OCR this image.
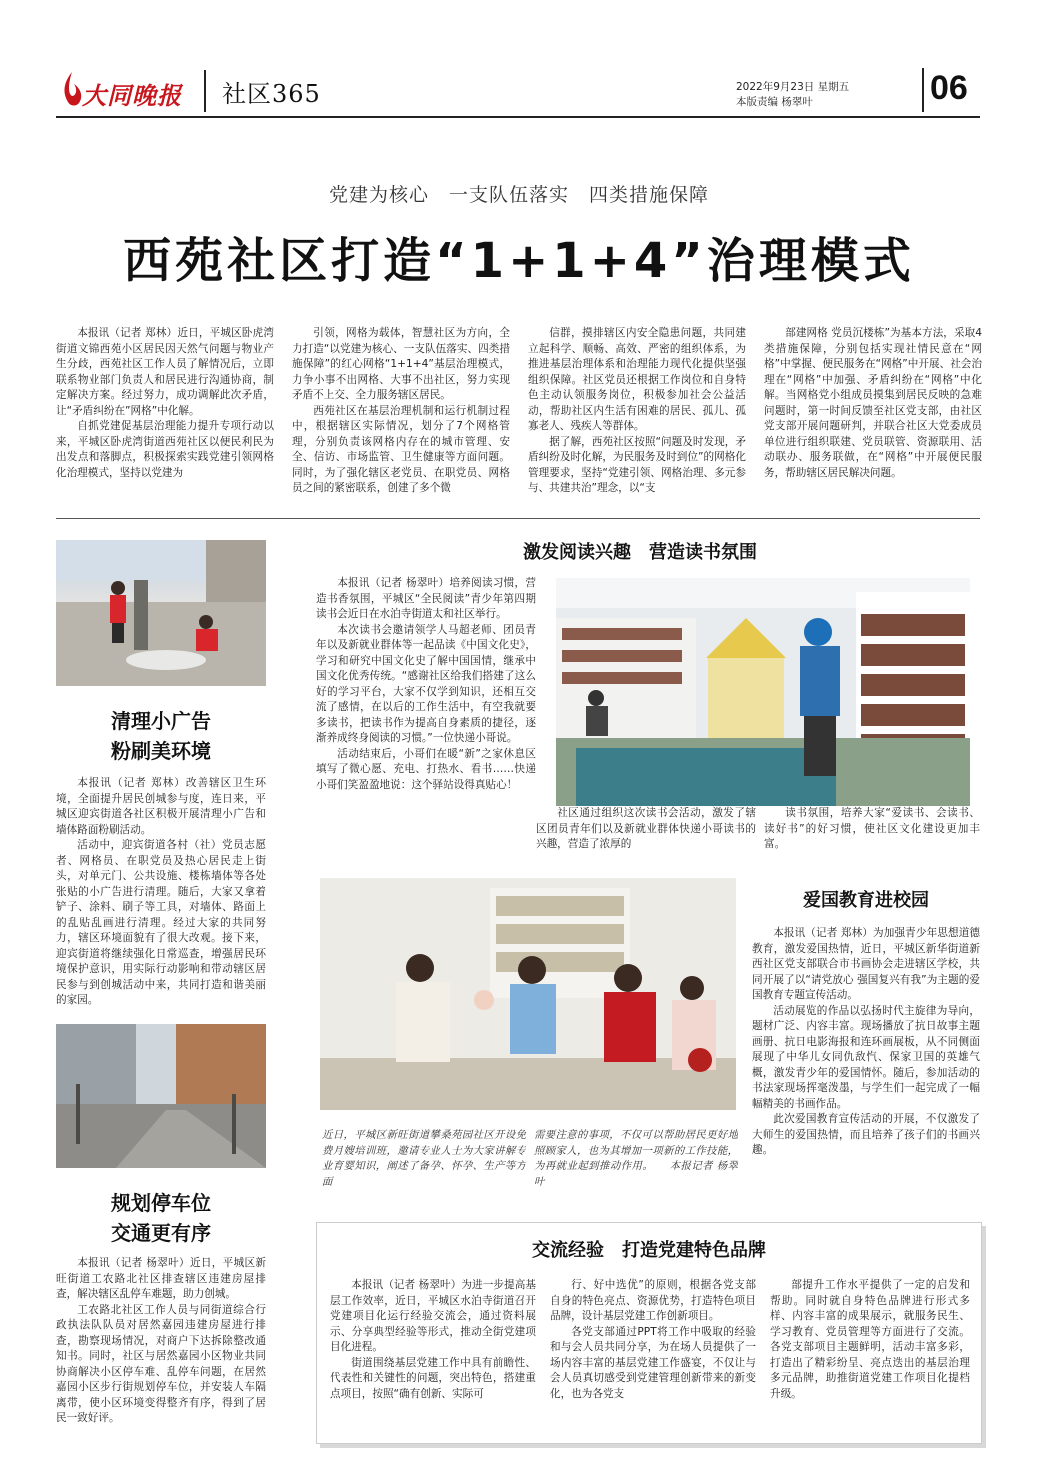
大同晚报 社区365	2022年9月23日 星期五
本版责编 杨翠叶	06
党建为核心　一支队伍落实　四类措施保障
西苑社区打造“1+1+4”治理模式

本报讯（记者 郑林）近日，平城区卧虎湾街道文锦西苑小区居民因天然气问题与物业产生分歧，西苑社区工作人员了解情况后，立即联系物业部门负责人和居民进行沟通协商，制定解决方案。经过努力，成功调解此次矛盾，让“矛盾纠纷在”网格”中化解。

自抓党建促基层治理能力提升专项行动以来，平城区卧虎湾街道西苑社区以便民利民为出发点和落脚点，积极探索实践党建引领网格化治理模式，坚持以党建为

引领，网格为载体，智慧社区为方向，全力打造“以党建为核心、一支队伍落实、四类措施保障”的红心网格“1+1+4”基层治理模式，力争小事不出网格、大事不出社区，努力实现矛盾不上交、全力服务辖区居民。

西苑社区在基层治理机制和运行机制过程中，根据辖区实际情况，划分了7个网格管理，分别负责该网格内存在的城市管理、安全、信访、市场监管、卫生健康等方面问题。同时，为了强化辖区老党员、在职党员、网格员之间的紧密联系，创建了多个微

信群，摸排辖区内安全隐患问题，共同建立起科学、顺畅、高效、严密的组织体系，为推进基层治理体系和治理能力现代化提供坚强组织保障。社区党员还根据工作岗位和自身特色主动认领服务岗位，积极参加社会公益活动，帮助社区内生活有困难的居民、孤儿、孤寡老人、残疾人等群体。

据了解，西苑社区按照“问题及时发现，矛盾纠纷及时化解，为民服务及时到位”的网格化管理要求，坚持“党建引领、网格治理、多元参与、共建共治”理念，以“支

部建网格 党员沉楼栋”为基本方法，采取4类措施保障，分别包括实现社情民意在“网格”中掌握、便民服务在“网格”中开展、社会治理在“网格”中加强、矛盾纠纷在“网格”中化解。当网格党小组成员摸集到居民反映的急难问题时，第一时间反馈至社区党支部，由社区党支部开展问题研判，并联合社区大党委成员单位进行组织联建、党员联管、资源联用、活动联办、服务联做，在“网格”中开展便民服务，帮助辖区居民解决问题。

清理小广告
粉刷美环境

本报讯（记者 郑林）改善辖区卫生环境，全面提升居民创城参与度，连日来，平城区迎宾街道各社区积极开展清理小广告和墙体路面粉刷活动。

活动中，迎宾街道各村（社）党员志愿者、网格员、在职党员及热心居民走上街头，对单元门、公共设施、楼栋墙体等各处张贴的小广告进行清理。随后，大家又拿着铲子、涂料、刷子等工具，对墙体、路面上的乱贴乱画进行清理。经过大家的共同努力，辖区环境面貌有了很大改观。接下来，迎宾街道将继续强化日常巡查，增强居民环境保护意识，用实际行动影响和带动辖区居民参与到创城活动中来，共同打造和谐美丽的家园。

规划停车位
交通更有序

本报讯（记者 杨翠叶）近日，平城区新旺街道工农路北社区排查辖区违建房屋排查，解决辖区乱停车难题，助力创城。

工农路北社区工作人员与同街道综合行政执法队队员对居然嘉园违建房屋进行排查，勘察现场情况，对商户下达拆除整改通知书。同时，社区与居然嘉园小区物业共同协商解决小区停车难、乱停车问题，在居然嘉园小区步行街规划停车位，并安装人车隔离带，使小区环境变得整齐有序，得到了居民一致好评。

激发阅读兴趣　营造读书氛围

本报讯（记者 杨翠叶）培养阅读习惯，营造书香氛围，平城区“全民阅读”青少年第四期读书会近日在水泊寺街道太和社区举行。

本次读书会邀请领学人马超老师、团员青年以及新就业群体等一起品读《中国文化史》，学习和研究中国文化史了解中国国情，继承中国文化优秀传统。“感谢社区给我们搭建了这么好的学习平台，大家不仅学到知识，还相互交流了感情，在以后的工作生活中，有空我就要多读书，把读书作为提高自身素质的捷径，逐渐养成终身阅读的习惯。”一位快递小哥说。

活动结束后，小哥们在暖“新”之家休息区填写了微心愿、充电、打热水、看书……快递小哥们笑盈盈地说：这个驿站设得真贴心！

社区通过组织这次读书会活动，激发了辖区团员青年们以及新就业群体快递小哥读书的兴趣，营造了浓厚的

读书氛围，培养大家“爱读书、会读书、读好书”的好习惯，使社区文化建设更加丰富。

近日，平城区新旺街道攀桑苑园社区开设免费月嫂培训班，邀请专业人士为大家讲解专业育婴知识，阐述了备孕、怀孕、生产等方面

需要注意的事项，不仅可以帮助居民更好地照顾家人，也为其增加一项新的工作技能，为再就业起到推动作用。　　本报记者 杨翠叶

爱国教育进校园

本报讯（记者 郑林）为加强青少年思想道德教育，激发爱国热情，近日，平城区新华街道新西社区党支部联合市书画协会走进辖区学校，共同开展了以“请党放心 强国复兴有我”为主题的爱国教育专题宣传活动。

活动展览的作品以弘扬时代主旋律为导向，题材广泛、内容丰富。现场播放了抗日故事主题画册、抗日电影海报和连环画展板，从不同侧面展现了中华儿女同仇敌忾、保家卫国的英雄气概，激发青少年的爱国情怀。随后，参加活动的书法家现场挥毫泼墨，与学生们一起完成了一幅幅精美的书画作品。

此次爱国教育宣传活动的开展，不仅激发了大师生的爱国热情，而且培养了孩子们的书画兴趣。

交流经验　打造党建特色品牌

本报讯（记者 杨翠叶）为进一步提高基层工作效率，近日，平城区水泊寺街道召开党建项目化运行经验交流会，通过资料展示、分享典型经验等形式，推动全街党建项目化进程。

街道围绕基层党建工作中具有前瞻性、代表性和关键性的问题，突出特色，搭建重点项目，按照“确有创新、实际可

行、好中选优”的原则，根据各党支部自身的特色亮点、资源优势，打造特色项目品牌，设计基层党建工作创新项目。

各党支部通过PPT将工作中吸取的经验和与会人员共同分享，为在场人员提供了一场内容丰富的基层党建工作盛宴，不仅让与会人员真切感受到党建管理创新带来的新变化，也为各党支

部提升工作水平提供了一定的启发和帮助。同时就自身特色品牌进行形式多样、内容丰富的成果展示，就服务民生、学习教育、党员管理等方面进行了交流。各党支部项目主题鲜明，活动丰富多彩，打造出了精彩纷呈、亮点迭出的基层治理多元品牌，助推街道党建工作项目化提档升级。
